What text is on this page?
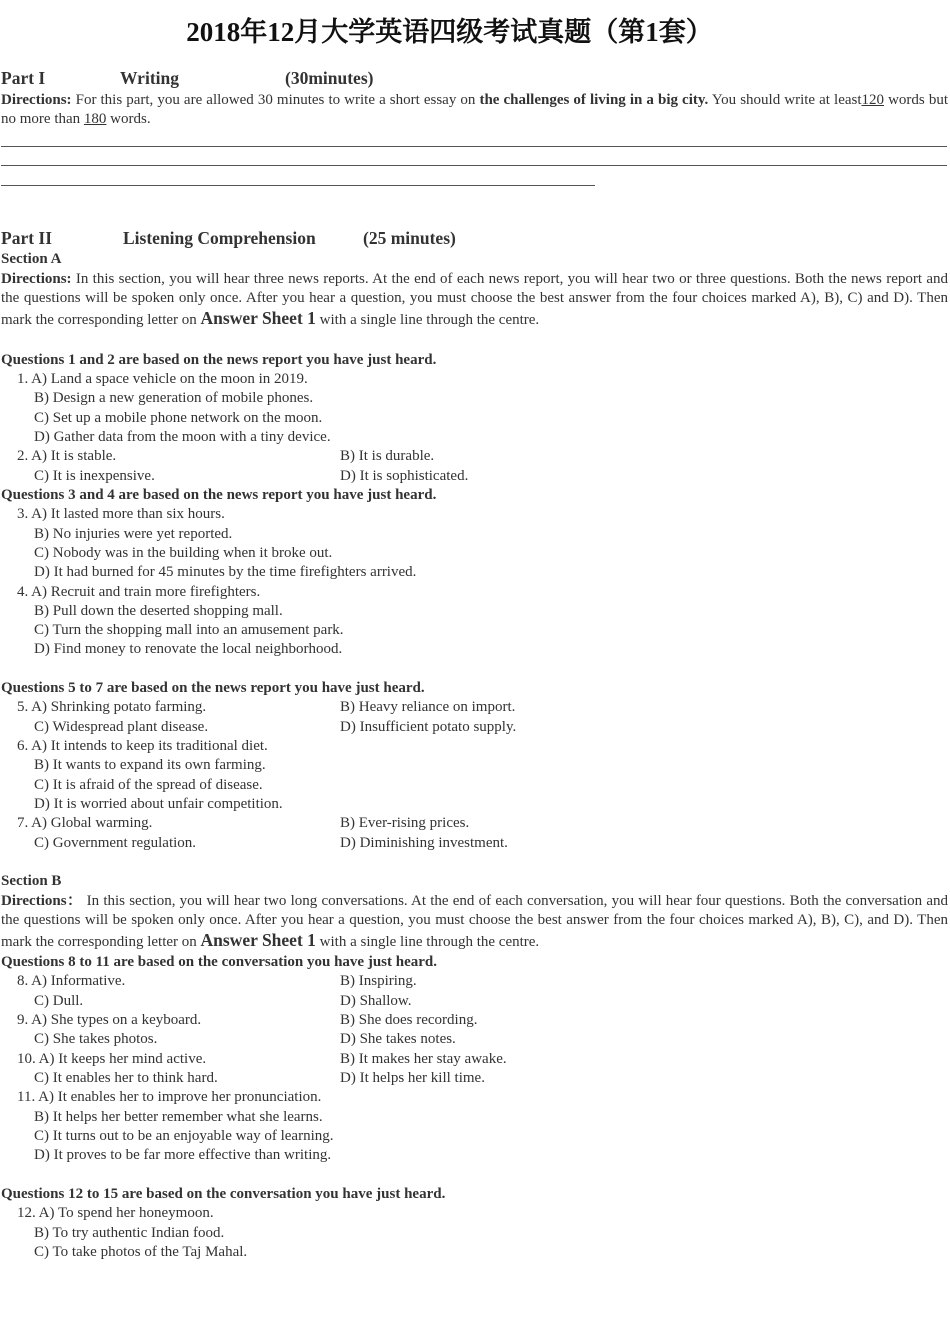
2018年12月大学英语四级考试真题（第1套）
Part I	Writing	(30minutes)
Directions: For this part, you are allowed 30 minutes to write a short essay on the challenges of living in a big city. You should write at least120 words but no more than 180 words.
Part II	Listening Comprehension	(25 minutes)
Section A
Directions: In this section, you will hear three news reports. At the end of each news report, you will hear two or three questions. Both the news report and the questions will be spoken only once. After you hear a question, you must choose the best answer from the four choices marked A), B), C) and D). Then mark the corresponding letter on Answer Sheet 1 with a single line through the centre.
Questions 1 and 2 are based on the news report you have just heard.
1. A) Land a space vehicle on the moon in 2019.
B) Design a new generation of mobile phones.
C) Set up a mobile phone network on the moon.
D) Gather data from the moon with a tiny device.
2. A) It is stable.	B) It is durable.
C) It is inexpensive.	D) It is sophisticated.
Questions 3 and 4 are based on the news report you have just heard.
3. A) It lasted more than six hours.
B) No injuries were yet reported.
C) Nobody was in the building when it broke out.
D) It had burned for 45 minutes by the time firefighters arrived.
4. A) Recruit and train more firefighters.
B) Pull down the deserted shopping mall.
C) Turn the shopping mall into an amusement park.
D) Find money to renovate the local neighborhood.
Questions 5 to 7 are based on the news report you have just heard.
5. A) Shrinking potato farming.	B) Heavy reliance on import.
C) Widespread plant disease.	D) Insufficient potato supply.
6. A) It intends to keep its traditional diet.
B) It wants to expand its own farming.
C) It is afraid of the spread of disease.
D) It is worried about unfair competition.
7. A) Global warming.	B) Ever-rising prices.
C) Government regulation.	D) Diminishing investment.
Section B
Directions： In this section, you will hear two long conversations. At the end of each conversation, you will hear four questions. Both the conversation and the questions will be spoken only once. After you hear a question, you must choose the best answer from the four choices marked A), B), C), and D). Then mark the corresponding letter on Answer Sheet 1 with a single line through the centre.
Questions 8 to 11 are based on the conversation you have just heard.
8. A) Informative.	B) Inspiring.
C) Dull.	D) Shallow.
9. A) She types on a keyboard.	B) She does recording.
C) She takes photos.	D) She takes notes.
10. A) It keeps her mind active.	B) It makes her stay awake.
C) It enables her to think hard.	D) It helps her kill time.
11. A) It enables her to improve her pronunciation.
B) It helps her better remember what she learns.
C) It turns out to be an enjoyable way of learning.
D) It proves to be far more effective than writing.
Questions 12 to 15 are based on the conversation you have just heard.
12. A) To spend her honeymoon.
B) To try authentic Indian food.
C) To take photos of the Taj Mahal.
